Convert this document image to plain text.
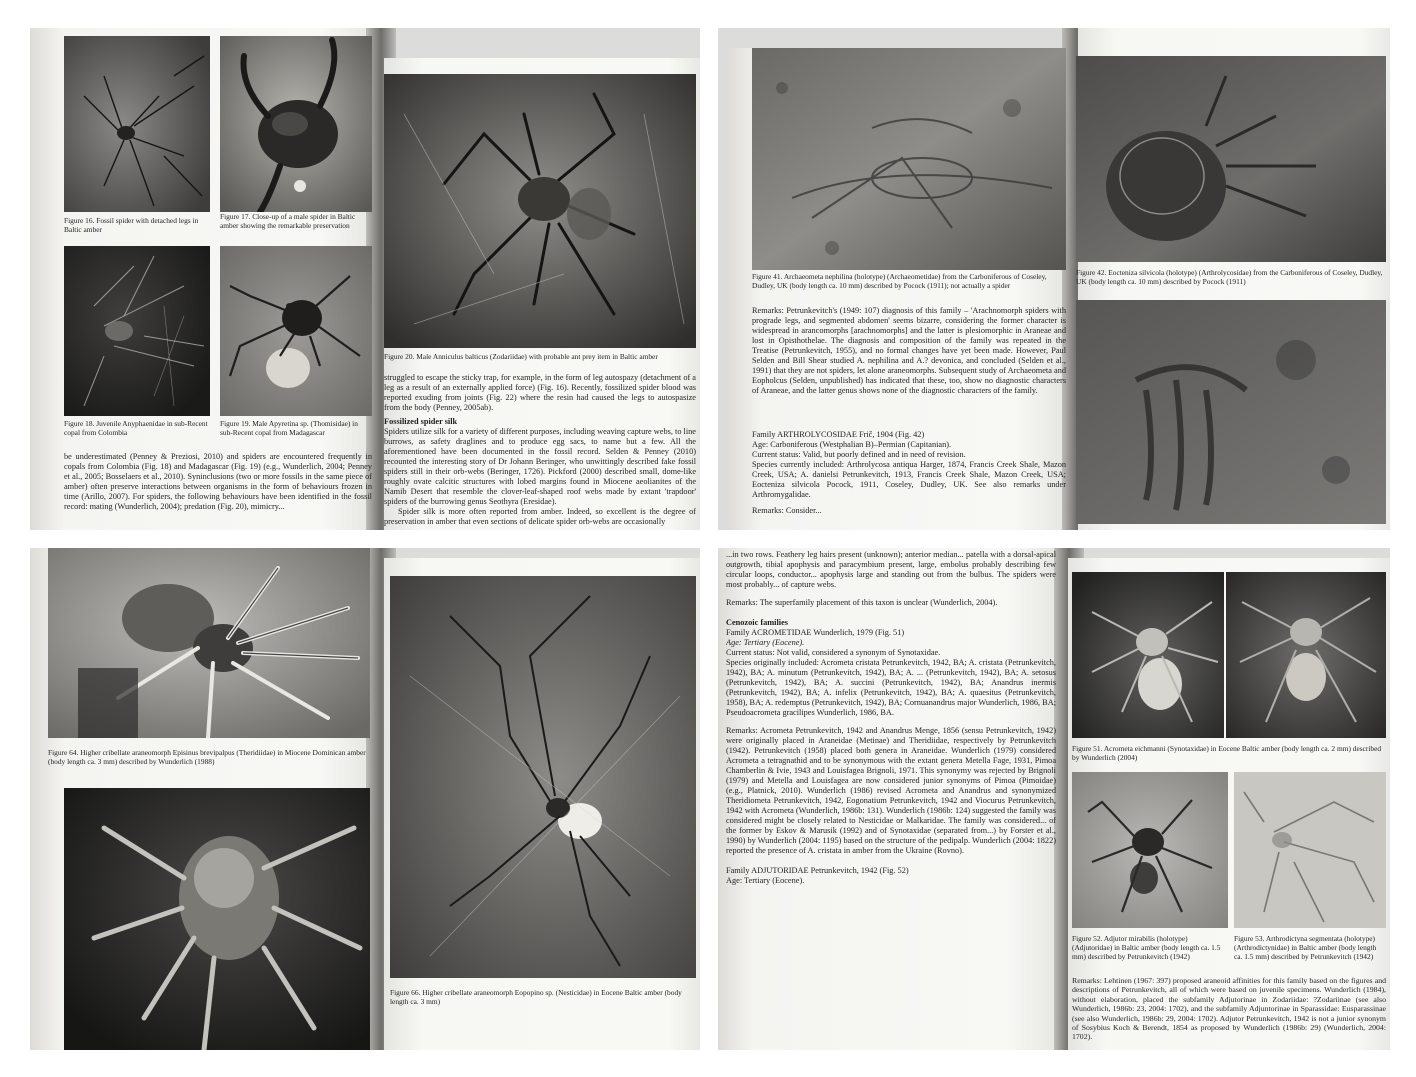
Figure 16. Fossil spider with detached legs in Baltic amber
Figure 17. Close-up of a male spider in Baltic amber showing the remarkable preservation
Figure 18. Juvenile Anyphaenidae in sub-Recent copal from Colombia
Figure 19. Male Apyretina sp. (Thomisidae) in sub-Recent copal from Madagascar
be underestimated (Penney & Preziosi, 2010) and spiders are encountered frequently in copals from Colombia (Fig. 18) and Madagascar (Fig. 19) (e.g., Wunderlich, 2004; Penney et al., 2005; Bosselaers et al., 2010). Syninclusions (two or more fossils in the same piece of amber) often preserve interactions between organisms in the form of behaviours frozen in time (Arillo, 2007). For spiders, the following behaviours have been identified in the fossil record: mating (Wunderlich, 2004); predation (Fig. 20), mimicry...
Figure 20. Male Anniculus balticus (Zodariidae) with probable ant prey item in Baltic amber

struggled to escape the sticky trap, for example, in the form of leg autospazy (detachment of a leg as a result of an externally applied force) (Fig. 16). Recently, fossilized spider blood was reported exuding from joints (Fig. 22) where the resin had caused the legs to autospasize from the body (Penney, 2005ab).

Fossilized spider silk

Spiders utilize silk for a variety of different purposes, including weaving capture webs, to line burrows, as safety draglines and to produce egg sacs, to name but a few. All the aforementioned have been documented in the fossil record. Selden & Penney (2010) recounted the interesting story of Dr Johann Beringer, who unwittingly described fake fossil spiders still in their orb-webs (Beringer, 1726). Pickford (2000) described small, dome-like roughly ovate calcitic structures with lobed margins found in Miocene aeolianites of the Namib Desert that resemble the clover-leaf-shaped roof webs made by extant 'trapdoor' spiders of the burrowing genus Seothyra (Eresidae).

Spider silk is more often reported from amber. Indeed, so excellent is the degree of preservation in amber that even sections of delicate spider orb-webs are occasionally

Figure 41. Archaeometa nephilina (holotype) (Archaeometidae) from the Carboniferous of Coseley, Dudley, UK (body length ca. 10 mm) described by Pocock (1911); not actually a spider
Remarks: Petrunkevitch's (1949: 107) diagnosis of this family – 'Arachnomorph spiders with prograde legs, and segmented abdomen' seems bizarre, considering the former character is widespread in arancomorphs [arachnomorphs] and the latter is plesiomorphic in Araneae and lost in Opisthothelae. The diagnosis and composition of the family was repeated in the Treatise (Petrunkevitch, 1955), and no formal changes have yet been made. However, Paul Selden and Bill Shear studied A. nephilina and A.? devonica, and concluded (Selden et al., 1991) that they are not spiders, let alone araneomorphs. Subsequent study of Archaeometa and Eopholcus (Selden, unpublished) has indicated that these, too, show no diagnostic characters of Araneae, and the latter genus shows none of the diagnostic characters of the family.

Family ARTHROLYCOSIDAE Frič, 1904 (Fig. 42)

Age: Carboniferous (Westphalian B)–Permian (Capitanian).

Current status: Valid, but poorly defined and in need of revision.

Species currently included: Arthrolycosa antiqua Harger, 1874, Francis Creek Shale, Mazon Creek, USA; A. danielsi Petrunkevitch, 1913, Francis Creek Shale, Mazon Creek, USA; Eocteniza silvicola Pocock, 1911, Coseley, Dudley, UK. See also remarks under Arthromygalidae.

Remarks: Consider...

Figure 42. Eocteniza silvicola (holotype) (Arthrolycosidae) from the Carboniferous of Coseley, Dudley, UK (body length ca. 10 mm) described by Pocock (1911)
Figure 64. Higher cribellate araneomorph Episinus brevipalpus (Theridiidae) in Miocene Dominican amber (body length ca. 3 mm) described by Wunderlich (1988)
Figure 66. Higher cribellate araneomorph Eopopino sp. (Nesticidae) in Eocene Baltic amber (body length ca. 3 mm)

...in two rows. Feathery leg hairs present (unknown); anterior median... patella with a dorsal-apical outgrowth, tibial apophysis and paracymbium present, large, embolus probably describing few circular loops, conductor... apophysis large and standing out from the bulbus. The spiders were most probably... of capture webs.

Remarks: The superfamily placement of this taxon is unclear (Wunderlich, 2004).

Cenozoic families

Family ACROMETIDAE Wunderlich, 1979 (Fig. 51)

Age: Tertiary (Eocene).

Current status: Not valid, considered a synonym of Synotaxidae.

Species originally included: Acrometa cristata Petrunkevitch, 1942, BA; A. cristata (Petrunkevitch, 1942), BA; A. minutum (Petrunkevitch, 1942), BA; A. ... (Petrunkevitch, 1942), BA; A. setosus (Petrunkevitch, 1942), BA; A. succini (Petrunkevitch, 1942), BA; Anandrus inermis (Petrunkevitch, 1942), BA; A. infelix (Petrunkevitch, 1942), BA; A. quaesitus (Petrunkevitch, 1958), BA; A. redemptus (Petrunkevitch, 1942), BA; Cornuanandrus major Wunderlich, 1986, BA; Pseudoacrometa gracilipes Wunderlich, 1986, BA.

Remarks: Acrometa Petrunkevitch, 1942 and Anandrus Menge, 1856 (sensu Petrunkevitch, 1942) were originally placed in Araneidae (Metinae) and Theridiidae, respectively by Petrunkevitch (1942). Petrunkevitch (1958) placed both genera in Araneidae. Wunderlich (1979) considered Acrometa a tetragnathid and to be synonymous with the extant genera Metella Fage, 1931, Pimoa Chamberlin & Ivie, 1943 and Louisfagea Brignoli, 1971. This synonymy was rejected by Brignoli (1979) and Metella and Louisfagea are now considered junior synonyms of Pimoa (Pimoidae) (e.g., Platnick, 2010). Wunderlich (1986) revised Acrometa and Anandrus and synonymized Theridiometa Petrunkevitch, 1942, Eogonatium Petrunkevitch, 1942 and Viocurus Petrunkevitch, 1942 with Acrometa (Wunderlich, 1986b: 131). Wunderlich (1986b: 124) suggested the family was considered might be closely related to Nesticidae or Malkaridae. The family was considered... of the former by Eskov & Marusik (1992) and of Synotaxidae (separated from...) by Forster et al., 1990) by Wunderlich (2004: 1195) based on the structure of the pedipalp. Wunderlich (2004: 1822) reported the presence of A. cristata in amber from the Ukraine (Rovno).

Family ADJUTORIDAE Petrunkevitch, 1942 (Fig. 52)

Age: Tertiary (Eocene).

Figure 51. Acrometa eichmanni (Synotaxidae) in Eocene Baltic amber (body length ca. 2 mm) described by Wunderlich (2004)
Figure 52. Adjutor mirabilis (holotype) (Adjutoridae) in Baltic amber (body length ca. 1.5 mm) described by Petrunkevitch (1942)
Figure 53. Arthrodictyna segmentata (holotype) (Arthrodictynidae) in Baltic amber (body length ca. 1.5 mm) described by Petrunkevitch (1942)
Remarks: Lehtinen (1967: 397) proposed araneoid affinities for this family based on the figures and descriptions of Petrunkevitch, all of which were based on juvenile specimens. Wunderlich (1984), without elaboration, placed the subfamily Adjutorinae in Zodariidae: ?Zodariinae (see also Wunderlich, 1986b: 23, 2004: 1702), and the subfamily Adjuntorinae in Sparassidae: Eusparassinae (see also Wunderlich, 1986b: 29, 2004: 1702). Adjutor Petrunkevitch, 1942 is not a junior synonym of Sosybius Koch & Berendt, 1854 as proposed by Wunderlich (1986b: 29) (Wunderlich, 2004: 1702).
